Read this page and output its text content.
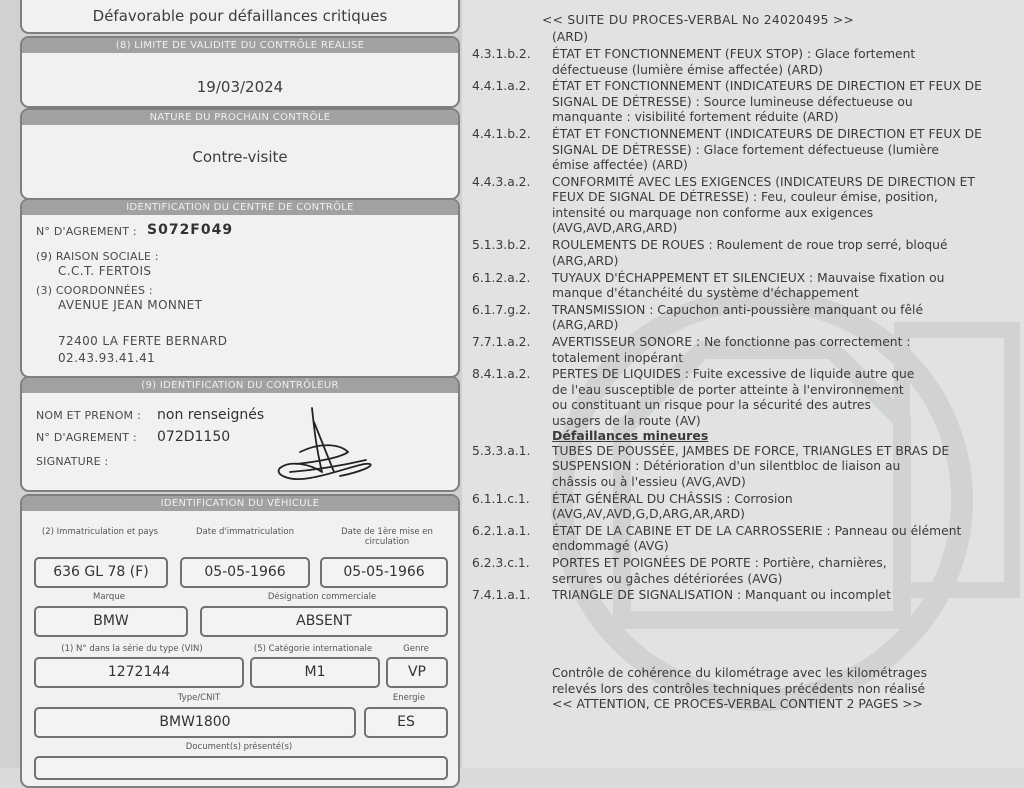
Défavorable pour défaillances critiques
(8) LIMITE DE VALIDITE DU CONTRÔLE REALISE
19/03/2024
NATURE DU PROCHAIN CONTRÔLE
Contre-visite
IDENTIFICATION DU CENTRE DE CONTRÔLE
N° D'AGREMENT : S072F049
(9) RAISON SOCIALE :
C.C.T. FERTOIS
(3) COORDONNÉES :
AVENUE JEAN MONNET
72400 LA FERTE BERNARD
02.43.93.41.41
(9) IDENTIFICATION DU CONTRÔLEUR
NOM ET PRENOM : non renseignés
N° D'AGREMENT : 072D1150
SIGNATURE :
IDENTIFICATION DU VÉHICULE
(2) Immatriculation et pays	Date d'immatriculation	Date de 1ère mise en circulation
636 GL 78 (F)	05-05-1966	05-05-1966
Marque	Désignation commerciale
BMW	ABSENT
(1) N° dans la série du type (VIN)	(5) Catégorie internationale	Genre
1272144	M1	VP
Type/CNIT	Energie
BMW1800	ES
Document(s) présenté(s)
<< SUITE DU PROCES-VERBAL No 24020495 >>
(ARD)
4.3.1.b.2.	ÉTAT ET FONCTIONNEMENT (FEUX STOP) : Glace fortement
défectueuse (lumière émise affectée) (ARD)
4.4.1.a.2.	ÉTAT ET FONCTIONNEMENT (INDICATEURS DE DIRECTION ET FEUX DE
SIGNAL DE DÉTRESSE) : Source lumineuse défectueuse ou
manquante : visibilité fortement réduite (ARD)
4.4.1.b.2.	ÉTAT ET FONCTIONNEMENT (INDICATEURS DE DIRECTION ET FEUX DE
SIGNAL DE DÉTRESSE) : Glace fortement défectueuse (lumière
émise affectée) (ARD)
4.4.3.a.2.	CONFORMITÉ AVEC LES EXIGENCES (INDICATEURS DE DIRECTION ET
FEUX DE SIGNAL DE DÉTRESSE) : Feu, couleur émise, position,
intensité ou marquage non conforme aux exigences
(AVG,AVD,ARG,ARD)
5.1.3.b.2.	ROULEMENTS DE ROUES : Roulement de roue trop serré, bloqué
(ARG,ARD)
6.1.2.a.2.	TUYAUX D'ÉCHAPPEMENT ET SILENCIEUX : Mauvaise fixation ou
manque d'étanchéité du système d'échappement
6.1.7.g.2.	TRANSMISSION : Capuchon anti-poussière manquant ou fêlé
(ARG,ARD)
7.7.1.a.2.	AVERTISSEUR SONORE : Ne fonctionne pas correctement :
totalement inopérant
8.4.1.a.2.	PERTES DE LIQUIDES : Fuite excessive de liquide autre que
de l'eau susceptible de porter atteinte à l'environnement
ou constituant un risque pour la sécurité des autres
usagers de la route (AV)
Défaillances mineures
5.3.3.a.1.	TUBES DE POUSSÉE, JAMBES DE FORCE, TRIANGLES ET BRAS DE
SUSPENSION : Détérioration d'un silentbloc de liaison au
châssis ou à l'essieu (AVG,AVD)
6.1.1.c.1.	ÉTAT GÉNÉRAL DU CHÂSSIS : Corrosion
(AVG,AV,AVD,G,D,ARG,AR,ARD)
6.2.1.a.1.	ÉTAT DE LA CABINE ET DE LA CARROSSERIE : Panneau ou élément
endommagé (AVG)
6.2.3.c.1.	PORTES ET POIGNÉES DE PORTE : Portière, charnières,
serrures ou gâches détériorées (AVG)
7.4.1.a.1.	TRIANGLE DE SIGNALISATION : Manquant ou incomplet
Contrôle de cohérence du kilométrage avec les kilométrages
relevés lors des contrôles techniques précédents non réalisé
<< ATTENTION, CE PROCES-VERBAL CONTIENT 2 PAGES >>
